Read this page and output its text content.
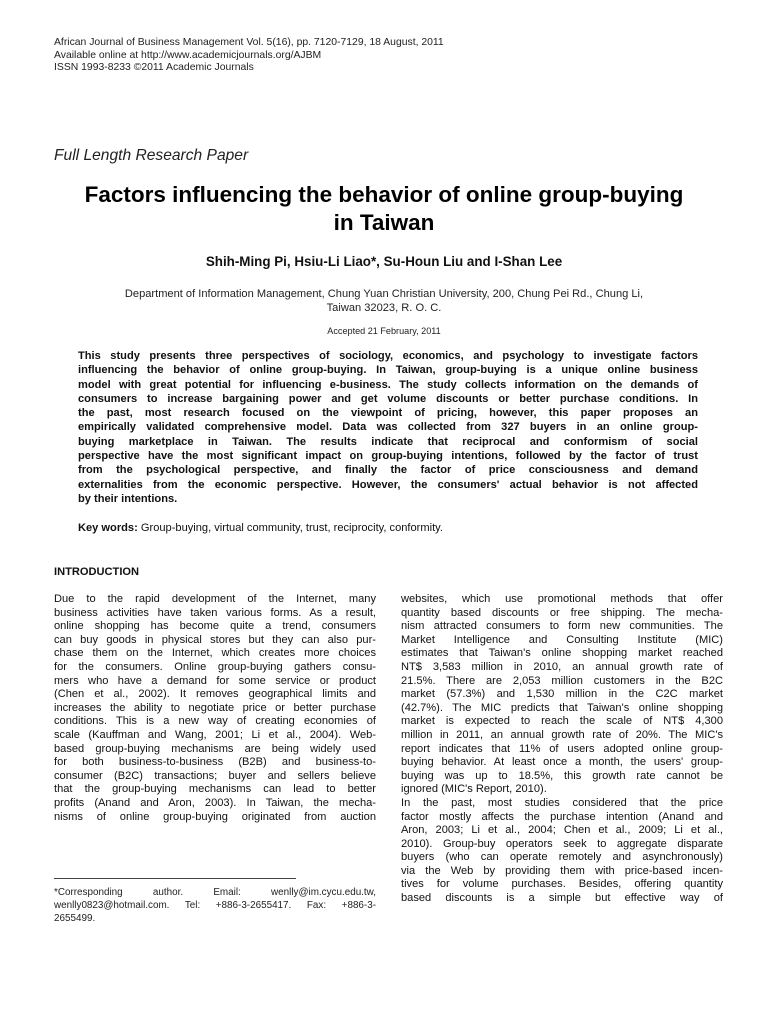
African Journal of Business Management Vol. 5(16), pp. 7120-7129, 18 August, 2011
Available online at http://www.academicjournals.org/AJBM
ISSN 1993-8233 ©2011 Academic Journals
Full Length Research Paper
Factors influencing the behavior of online group-buying
in Taiwan
Shih-Ming Pi, Hsiu-Li Liao*, Su-Houn Liu and I-Shan Lee
Department of Information Management, Chung Yuan Christian University, 200, Chung Pei Rd., Chung Li,
Taiwan 32023, R. O. C.
Accepted 21 February, 2011
This study presents three perspectives of sociology, economics, and psychology to investigate factors
influencing the behavior of online group-buying. In Taiwan, group-buying is a unique online business
model with great potential for influencing e-business. The study collects information on the demands of
consumers to increase bargaining power and get volume discounts or better purchase conditions. In
the past, most research focused on the viewpoint of pricing, however, this paper proposes an
empirically validated comprehensive model. Data was collected from 327 buyers in an online group-
buying marketplace in Taiwan. The results indicate that reciprocal and conformism of social
perspective have the most significant impact on group-buying intentions, followed by the factor of trust
from the psychological perspective, and finally the factor of price consciousness and demand
externalities from the economic perspective. However, the consumers' actual behavior is not affected
by their intentions.
Key words: Group-buying, virtual community, trust, reciprocity, conformity.
INTRODUCTION
Due to the rapid development of the Internet, many
business activities have taken various forms. As a result,
online shopping has become quite a trend, consumers
can buy goods in physical stores but they can also pur-
chase them on the Internet, which creates more choices
for the consumers. Online group-buying gathers consu-
mers who have a demand for some service or product
(Chen et al., 2002). It removes geographical limits and
increases the ability to negotiate price or better purchase
conditions. This is a new way of creating economies of
scale (Kauffman and Wang, 2001; Li et al., 2004). Web-
based group-buying mechanisms are being widely used
for both business-to-business (B2B) and business-to-
consumer (B2C) transactions; buyer and sellers believe
that the group-buying mechanisms can lead to better
profits (Anand and Aron, 2003). In Taiwan, the mecha-
nisms of online group-buying originated from auction
websites, which use promotional methods that offer
quantity based discounts or free shipping. The mecha-
nism attracted consumers to form new communities. The
Market Intelligence and Consulting Institute (MIC)
estimates that Taiwan's online shopping market reached
NT$ 3,583 million in 2010, an annual growth rate of
21.5%. There are 2,053 million customers in the B2C
market (57.3%) and 1,530 million in the C2C market
(42.7%). The MIC predicts that Taiwan's online shopping
market is expected to reach the scale of NT$ 4,300
million in 2011, an annual growth rate of 20%. The MIC's
report indicates that 11% of users adopted online group-
buying behavior. At least once a month, the users' group-
buying was up to 18.5%, this growth rate cannot be
ignored (MIC's Report, 2010).
In the past, most studies considered that the price
factor mostly affects the purchase intention (Anand and
Aron, 2003; Li et al., 2004; Chen et al., 2009; Li et al.,
2010). Group-buy operators seek to aggregate disparate
buyers (who can operate remotely and asynchronously)
via the Web by providing them with price-based incen-
tives for volume purchases. Besides, offering quantity
based discounts is a simple but effective way of
*Corresponding author. Email: wenlly@im.cycu.edu.tw,
wenlly0823@hotmail.com. Tel: +886-3-2655417. Fax: +886-3-
2655499.
